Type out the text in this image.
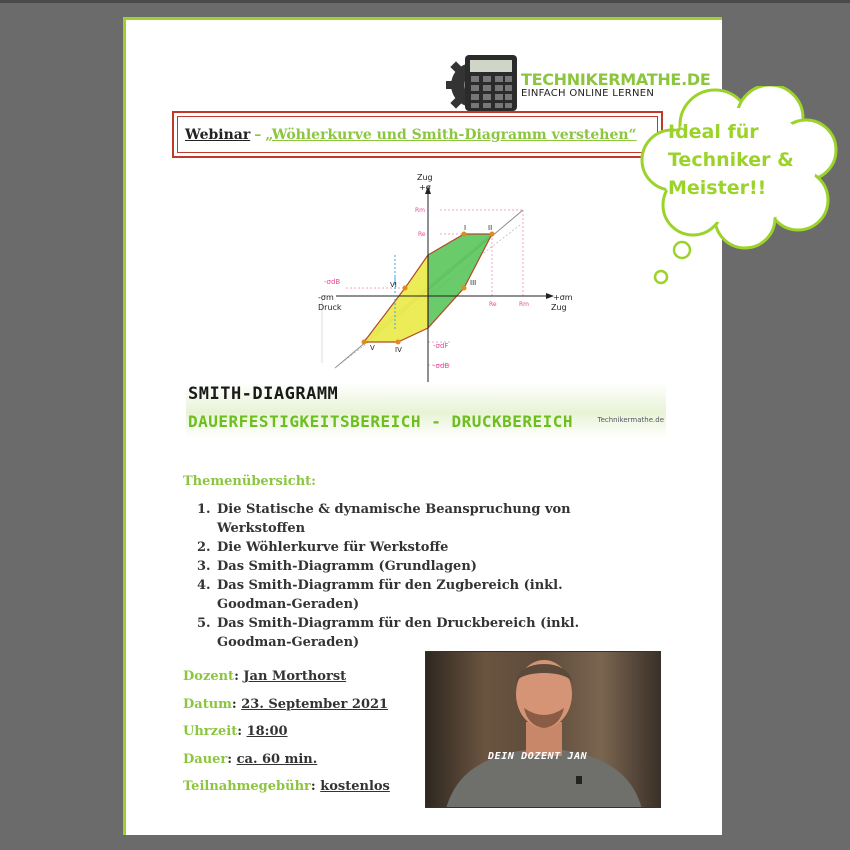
TECHNIKERMATHE.DE
EINFACH ONLINE LERNEN
Webinar – „Wöhlerkurve und Smith-Diagramm verstehen“
Zug
+σ
-σm
Druck
+σm
Zug
I	II
III
IV
V
VI
Rm
Re
Re	Rm
-σdB
-σdF
-σdB
SMITH-DIAGRAMM
DAUERFESTIGKEITSBEREICH - DRUCKBEREICH	Technikermathe.de
Themenübersicht:
1. Die Statische & dynamische Beanspruchung von Werkstoffen
2. Die Wöhlerkurve für Werkstoffe
3. Das Smith-Diagramm (Grundlagen)
4. Das Smith-Diagramm für den Zugbereich (inkl. Goodman-Geraden)
5. Das Smith-Diagramm für den Druckbereich (inkl. Goodman-Geraden)
Dozent: Jan Morthorst
Datum: 23. September 2021
Uhrzeit: 18:00
Dauer: ca. 60 min.
Teilnahmegebühr: kostenlos
DEIN DOZENT JAN
Ideal für
Techniker &
Meister!!
